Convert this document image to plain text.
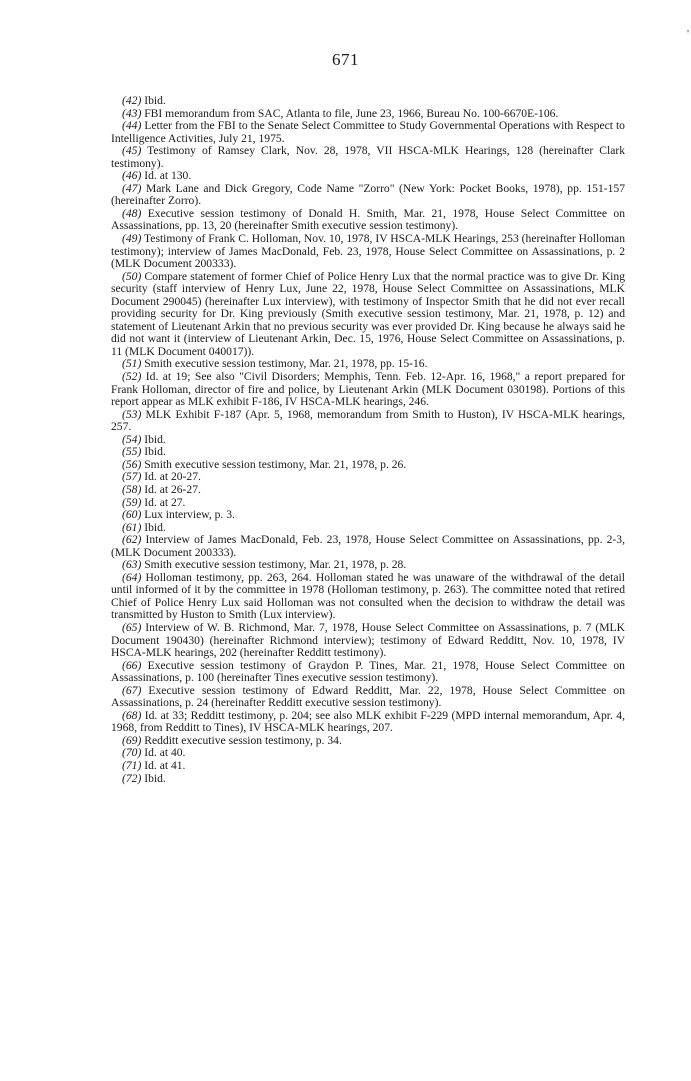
671
'

(42) Ibid.

(43) FBI memorandum from SAC, Atlanta to file, June 23, 1966, Bureau No. 100-6670E-106.

(44) Letter from the FBI to the Senate Select Committee to Study Governmental Operations with Respect to Intelligence Activities, July 21, 1975.

(45) Testimony of Ramsey Clark, Nov. 28, 1978, VII HSCA-MLK Hearings, 128 (hereinafter Clark testimony).

(46) Id. at 130.

(47) Mark Lane and Dick Gregory, Code Name "Zorro" (New York: Pocket Books, 1978), pp. 151-157 (hereinafter Zorro).

(48) Executive session testimony of Donald H. Smith, Mar. 21, 1978, House Select Committee on Assassinations, pp. 13, 20 (hereinafter Smith executive session testimony).

(49) Testimony of Frank C. Holloman, Nov. 10, 1978, IV HSCA-MLK Hearings, 253 (hereinafter Holloman testimony); interview of James MacDonald, Feb. 23, 1978, House Select Committee on Assassinations, p. 2 (MLK Document 200333).

(50) Compare statement of former Chief of Police Henry Lux that the normal practice was to give Dr. King security (staff interview of Henry Lux, June 22, 1978, House Select Committee on Assassinations, MLK Document 290045) (hereinafter Lux interview), with testimony of Inspector Smith that he did not ever recall providing security for Dr. King previously (Smith executive session testimony, Mar. 21, 1978, p. 12) and statement of Lieutenant Arkin that no previous security was ever provided Dr. King because he always said he did not want it (interview of Lieutenant Arkin, Dec. 15, 1976, House Select Committee on Assassinations, p. 11 (MLK Document 040017)).

(51) Smith executive session testimony, Mar. 21, 1978, pp. 15-16.

(52) Id. at 19; See also "Civil Disorders; Memphis, Tenn. Feb. 12-Apr. 16, 1968," a report prepared for Frank Holloman, director of fire and police, by Lieutenant Arkin (MLK Document 030198). Portions of this report appear as MLK exhibit F-186, IV HSCA-MLK hearings, 246.

(53) MLK Exhibit F-187 (Apr. 5, 1968, memorandum from Smith to Huston), IV HSCA-MLK hearings, 257.

(54) Ibid.

(55) Ibid.

(56) Smith executive session testimony, Mar. 21, 1978, p. 26.

(57) Id. at 20-27.

(58) Id. at 26-27.

(59) Id. at 27.

(60) Lux interview, p. 3.

(61) Ibid.

(62) Interview of James MacDonald, Feb. 23, 1978, House Select Committee on Assassinations, pp. 2-3, (MLK Document 200333).

(63) Smith executive session testimony, Mar. 21, 1978, p. 28.

(64) Holloman testimony, pp. 263, 264. Holloman stated he was unaware of the withdrawal of the detail until informed of it by the committee in 1978 (Holloman testimony, p. 263). The committee noted that retired Chief of Police Henry Lux said Holloman was not consulted when the decision to withdraw the detail was transmitted by Huston to Smith (Lux interview).

(65) Interview of W. B. Richmond, Mar. 7, 1978, House Select Committee on Assassinations, p. 7 (MLK Document 190430) (hereinafter Richmond interview); testimony of Edward Redditt, Nov. 10, 1978, IV HSCA-MLK hearings, 202 (hereinafter Redditt testimony).

(66) Executive session testimony of Graydon P. Tines, Mar. 21, 1978, House Select Committee on Assassinations, p. 100 (hereinafter Tines executive session testimony).

(67) Executive session testimony of Edward Redditt, Mar. 22, 1978, House Select Committee on Assassinations, p. 24 (hereinafter Redditt executive session testimony).

(68) Id. at 33; Redditt testimony, p. 204; see also MLK exhibit F-229 (MPD internal memorandum, Apr. 4, 1968, from Redditt to Tines), IV HSCA-MLK hearings, 207.

(69) Redditt executive session testimony, p. 34.

(70) Id. at 40.

(71) Id. at 41.

(72) Ibid.
